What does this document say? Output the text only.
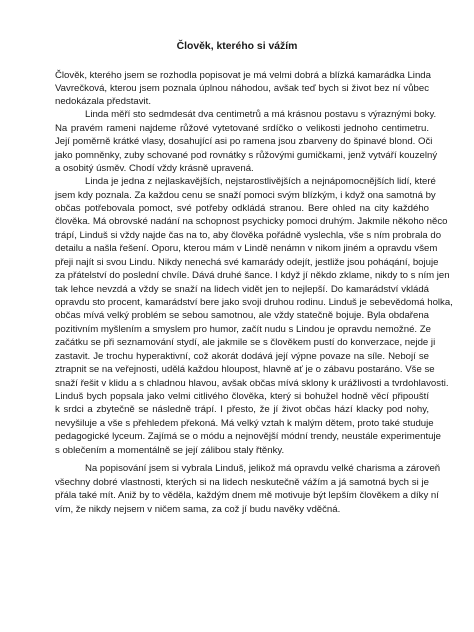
Člověk, kterého si vážím
Člověk, kterého jsem se rozhodla popisovat je má velmi dobrá a blízká kamarádka Linda
Vavrečková, kterou jsem poznala úplnou náhodou, avšak teď bych si život bez ní vůbec
nedokázala představit.
Linda měří sto sedmdesát dva centimetrů a má krásnou postavu s výraznými boky.
Na pravém rameni najdeme růžové vytetované srdíčko o velikosti jednoho centimetru.
Její poměrně krátké vlasy, dosahující asi po ramena jsou zbarveny do špinavé blond. Oči
jako pomněnky, zuby schované pod rovnátky s růžovými gumičkami, jenž vytváří kouzelný
a osobitý úsměv. Chodí vždy krásně upravená.
Linda je jedna z nejlaskavějších, nejstarostlivějších a nejnápomocnějších lidí, které
jsem kdy poznala. Za každou cenu se snaží pomoci svým blízkým, i když ona samotná by
občas potřebovala pomoct, své potřeby odkládá stranou. Bere ohled na city každého
člověka. Má obrovské nadání na schopnost psychicky pomoci druhým. Jakmile někoho něco
trápí, Linduš si vždy najde čas na to, aby člověka pořádně vyslechla, vše s ním probrala do
detailu a našla řešení. Oporu, kterou mám v Lindě nenámn v nikom jiném a opravdu všem
přeji najít si svou Lindu. Nikdy nenechá své kamarády odejít, jestliže jsou poháqání, bojuje
za přátelství do poslední chvíle. Dává druhé šance. I když jí někdo zklame, nikdy to s ním jen
tak lehce nevzdá a vždy se snaží na lidech vidět jen to nejlepší. Do kamarádství vkládá
opravdu sto procent, kamarádství bere jako svoji druhou rodinu. Linduš je sebevědomá holka,
občas mívá velký problém se sebou samotnou, ale vždy statečně bojuje. Byla obdařena
pozitivním myšlením a smyslem pro humor, začít nudu s Lindou je opravdu nemožné. Ze
začátku se při seznamování stydí, ale jakmile se s člověkem pustí do konverzace, nejde ji
zastavit. Je trochu hyperaktivní, což akorát dodává její výpne povaze na síle. Nebojí se
ztrapnit se na veřejnosti, udělá každou hloupost, hlavně ať je o zábavu postaráno. Vše se
snaží řešit v klidu a s chladnou hlavou, avšak občas mívá sklony k urážlivosti a tvrdohlavosti.
Linduš bych popsala jako velmi citlivého člověka, který si bohužel hodně věcí připouští
k srdci a zbytečně se následně trápí. I přesto, že jí život občas hází klacky pod nohy,
nevyšiluje a vše s přehledem překoná. Má velký vztah k malým dětem, proto také studuje
pedagogické lyceum. Zajímá se o módu a nejnovější módní trendy, neustále experimentuje
s oblečením a momentálně se její zálibou staly řtěnky.
Na popisování jsem si vybrala Linduš, jelikož má opravdu velké charisma a zároveň
všechny dobré vlastnosti, kterých si na lidech neskutečně vážím a já samotná bych si je
přála také mít. Aniž by to věděla, každým dnem mě motivuje být lepším člověkem a díky ní
vím, že nikdy nejsem v ničem sama, za což jí budu navěky vděčná.
